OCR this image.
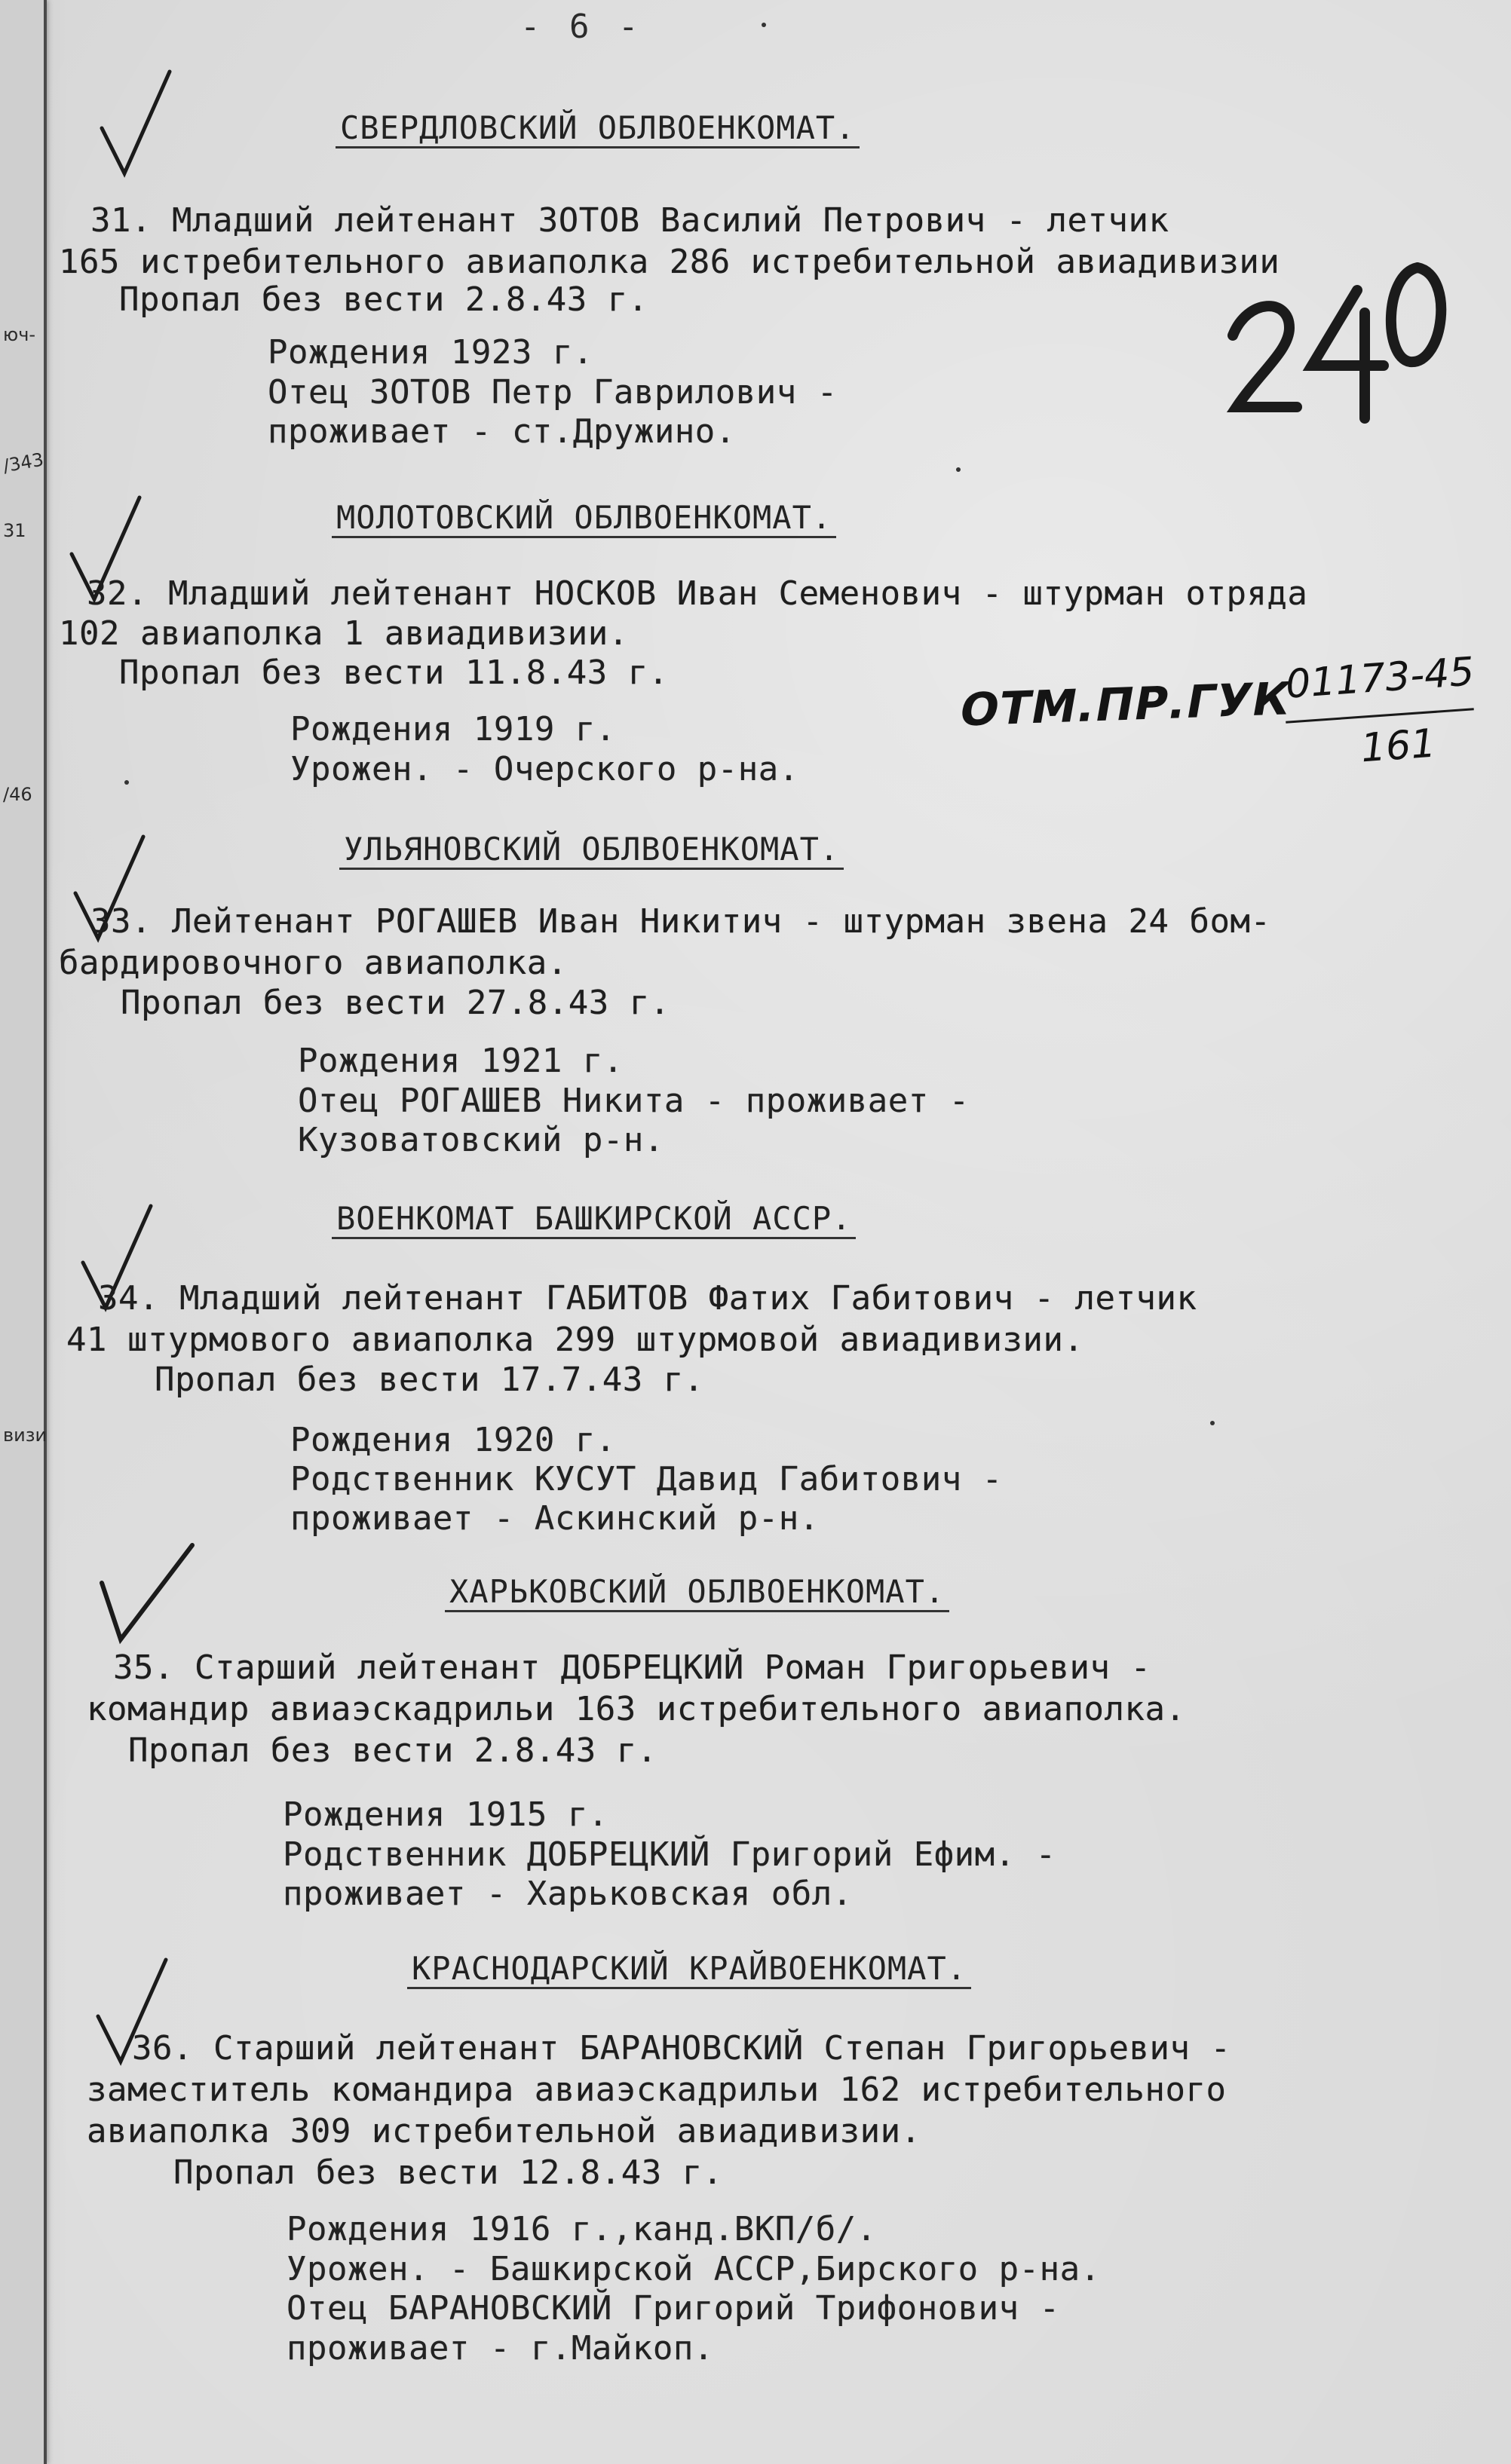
юч-
/343
31
/46
визи
- 6 -
ОТМ.ПР.ГУК
01173-45
161
СВЕРДЛОВСКИЙ ОБЛВОЕНКОМАТ.
31. Младший лейтенант ЗОТОВ Василий Петрович - летчик
165 истребительного авиаполка 286 истребительной авиадивизии
Пропал без вести 2.8.43 г.
Рождения 1923 г.
Отец ЗОТОВ Петр Гаврилович -
проживает - ст.Дружино.
МОЛОТОВСКИЙ ОБЛВОЕНКОМАТ.
32. Младший лейтенант НОСКОВ Иван Семенович - штурман отряда
102 авиаполка 1 авиадивизии.
Пропал без вести 11.8.43 г.
Рождения 1919 г.
Урожен. - Очерского р-на.
УЛЬЯНОВСКИЙ ОБЛВОЕНКОМАТ.
33. Лейтенант РОГАШЕВ Иван Никитич - штурман звена 24 бом-
бардировочного авиаполка.
Пропал без вести 27.8.43 г.
Рождения 1921 г.
Отец РОГАШЕВ Никита - проживает -
Кузоватовский р-н.
ВОЕНКОМАТ БАШКИРСКОЙ АССР.
34. Младший лейтенант ГАБИТОВ Фатих Габитович - летчик
41 штурмового авиаполка 299 штурмовой авиадивизии.
Пропал без вести 17.7.43 г.
Рождения 1920 г.
Родственник КУСУТ Давид Габитович -
проживает - Аскинский р-н.
ХАРЬКОВСКИЙ ОБЛВОЕНКОМАТ.
35. Старший лейтенант ДОБРЕЦКИЙ Роман Григорьевич -
командир авиаэскадрильи 163 истребительного авиаполка.
Пропал без вести 2.8.43 г.
Рождения 1915 г.
Родственник ДОБРЕЦКИЙ Григорий Ефим. -
проживает - Харьковская обл.
КРАСНОДАРСКИЙ КРАЙВОЕНКОМАТ.
36. Старший лейтенант БАРАНОВСКИЙ Степан Григорьевич -
заместитель командира авиаэскадрильи 162 истребительного
авиаполка 309 истребительной авиадивизии.
Пропал без вести 12.8.43 г.
Рождения 1916 г.,канд.ВКП/б/.
Урожен. - Башкирской АССР,Бирского р-на.
Отец БАРАНОВСКИЙ Григорий Трифонович -
проживает - г.Майкоп.
